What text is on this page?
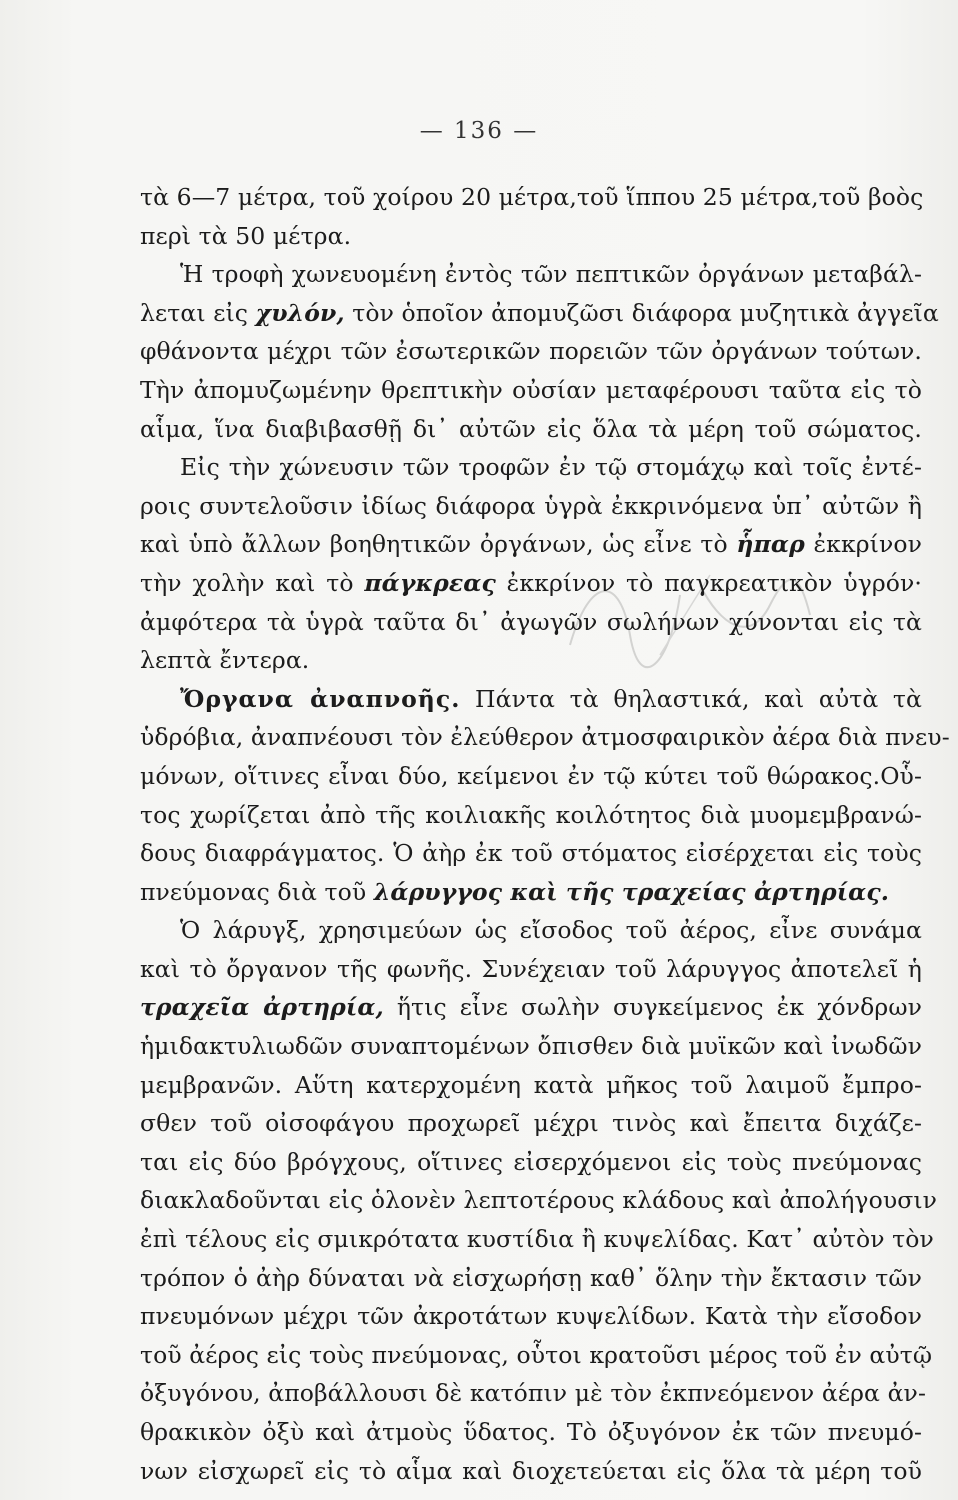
— 136 —
τὰ 6—7 μέτρα, τοῦ χοίρου 20 μέτρα,τοῦ ἵππου 25 μέτρα,τοῦ βοὸς
περὶ τὰ 50 μέτρα.
Ἡ τροφὴ χωνευομένη ἐντὸς τῶν πεπτικῶν ὀργάνων μεταβάλ-
λεται εἰς χυλόν, τὸν ὁποῖον ἀπομυζῶσι διάφορα μυζητικὰ ἀγγεῖα
φθάνοντα μέχρι τῶν ἐσωτερικῶν πορειῶν τῶν ὀργάνων τούτων.
Τὴν ἀπομυζωμένην θρεπτικὴν οὐσίαν μεταφέρουσι ταῦτα εἰς τὸ
αἷμα, ἵνα διαβιβασθῇ δι᾽ αὐτῶν εἰς ὅλα τὰ μέρη τοῦ σώματος.
Εἰς τὴν χώνευσιν τῶν τροφῶν ἐν τῷ στομάχῳ καὶ τοῖς ἐντέ-
ροις συντελοῦσιν ἰδίως διάφορα ὑγρὰ ἐκκρινόμενα ὑπ᾽ αὐτῶν ἢ
καὶ ὑπὸ ἄλλων βοηθητικῶν ὀργάνων, ὡς εἶνε τὸ ἧπαρ ἐκκρίνον
τὴν χολὴν καὶ τὸ πάγκρεας ἐκκρίνον τὸ παγκρεατικὸν ὑγρόν·
ἀμφότερα τὰ ὑγρὰ ταῦτα δι᾽ ἀγωγῶν σωλήνων χύνονται εἰς τὰ
λεπτὰ ἔντερα.
Ὄργανα ἀναπνοῆς. Πάντα τὰ θηλαστικά, καὶ αὐτὰ τὰ
ὑδρόβια, ἀναπνέουσι τὸν ἐλεύθερον ἀτμοσφαιρικὸν ἀέρα διὰ πνευ-
μόνων, οἵτινες εἶναι δύο, κείμενοι ἐν τῷ κύτει τοῦ θώρακος.Οὗ-
τος χωρίζεται ἀπὸ τῆς κοιλιακῆς κοιλότητος διὰ μυομεμβρανώ-
δους διαφράγματος. Ὁ ἀὴρ ἐκ τοῦ στόματος εἰσέρχεται εἰς τοὺς
πνεύμονας διὰ τοῦ λάρυγγος καὶ τῆς τραχείας ἀρτηρίας.
Ὁ λάρυγξ, χρησιμεύων ὡς εἴσοδος τοῦ ἀέρος, εἶνε συνάμα
καὶ τὸ ὄργανον τῆς φωνῆς. Συνέχειαν τοῦ λάρυγγος ἀποτελεῖ ἡ
τραχεῖα ἀρτηρία, ἥτις εἶνε σωλὴν συγκείμενος ἐκ χόνδρων
ἡμιδακτυλιωδῶν συναπτομένων ὄπισθεν διὰ μυϊκῶν καὶ ἰνωδῶν
μεμβρανῶν. Αὕτη κατερχομένη κατὰ μῆκος τοῦ λαιμοῦ ἔμπρο-
σθεν τοῦ οἰσοφάγου προχωρεῖ μέχρι τινὸς καὶ ἔπειτα διχάζε-
ται εἰς δύο βρόγχους, οἵτινες εἰσερχόμενοι εἰς τοὺς πνεύμονας
διακλαδοῦνται εἰς ὁλονὲν λεπτοτέρους κλάδους καὶ ἀπολήγουσιν
ἐπὶ τέλους εἰς σμικρότατα κυστίδια ἢ κυψελίδας. Κατ᾽ αὐτὸν τὸν
τρόπον ὁ ἀὴρ δύναται νὰ εἰσχωρήσῃ καθ᾽ ὅλην τὴν ἔκτασιν τῶν
πνευμόνων μέχρι τῶν ἀκροτάτων κυψελίδων. Κατὰ τὴν εἴσοδον
τοῦ ἀέρος εἰς τοὺς πνεύμονας, οὗτοι κρατοῦσι μέρος τοῦ ἐν αὐτῷ
ὀξυγόνου, ἀποβάλλουσι δὲ κατόπιν μὲ τὸν ἐκπνεόμενον ἀέρα ἀν-
θρακικὸν ὀξὺ καὶ ἀτμοὺς ὕδατος. Τὸ ὀξυγόνον ἐκ τῶν πνευμό-
νων εἰσχωρεῖ εἰς τὸ αἷμα καὶ διοχετεύεται εἰς ὅλα τὰ μέρη τοῦ
